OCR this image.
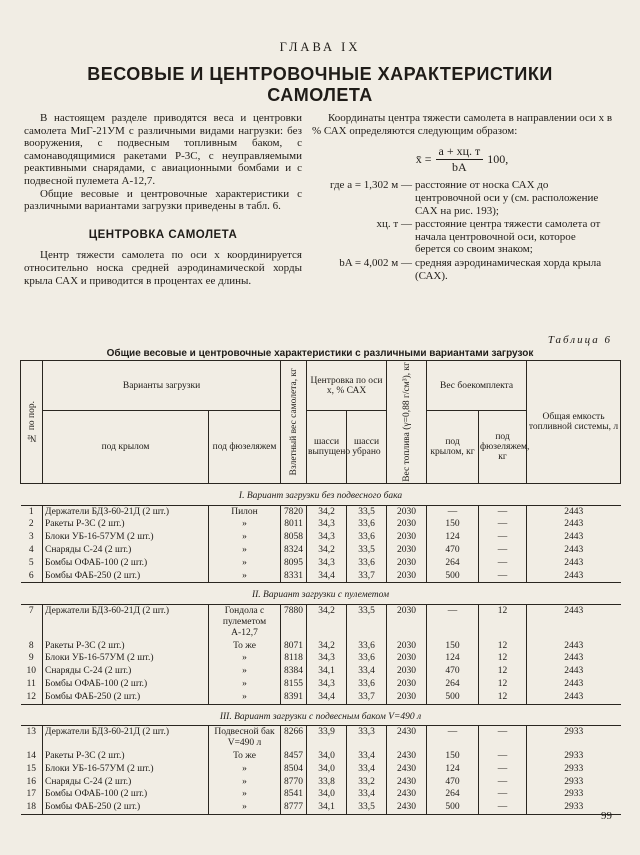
ГЛАВА IX
ВЕСОВЫЕ И ЦЕНТРОВОЧНЫЕ ХАРАКТЕРИСТИКИ
САМОЛЕТА

В настоящем разделе приводятся веса и центровки самолета МиГ-21УМ с различными видами нагрузки: без вооружения, с подвесным топливным баком, с самонаводящимися ракетами Р-3С, с неуправляемыми реактивными снарядами, с авиационными бомбами и с подвесной пулемета А-12,7.

Общие весовые и центровочные характеристики с различными вариантами загрузки приведены в табл. 6.

ЦЕНТРОВКА САМОЛЕТА

Центр тяжести самолета по оси x координируется относительно носка средней аэродинамической хорды крыла САХ и приводится в процентах ее длины.

Координаты центра тяжести самолета в направлении оси x в % САХ определяются следующим образом:

x̄ = $\frac{a + xц. т}{bA} 100$,
где a = 1,302 м — расстояние от носка САХ до центровочной оси y (см. расположение САХ на рис. 193);
xц. т — расстояние центра тяжести самолета от начала центровочной оси, которое берется со своим знаком;
bA = 4,002 м — средняя аэродинамическая хорда крыла (САХ).
Таблица 6
Общие весовые и центровочные характеристики с различными вариантами загрузок
№ по пор.	Варианты загрузки		Взлетный вес самолета, кг	Центровка по оси x, % САХ		Вес топлива (γ=0,88 г/см³), кг	Вес боекомплекта		Общая емкость топливной системы, л
	под крылом	под фюзеляжем		шасси выпущено	шасси убрано		под крылом, кг	под фюзеляжем, кг	
I. Вариант загрузки без подвесного бака									
1	Держатели БДЗ-60-21Д (2 шт.)	Пилон	7820	34,2	33,5	2030	—	—	2443
2	Ракеты Р-3С (2 шт.)	»	8011	34,3	33,6	2030	150	—	2443
3	Блоки УБ-16-57УМ (2 шт.)	»	8058	34,3	33,6	2030	124	—	2443
4	Снаряды С-24 (2 шт.)	»	8324	34,2	33,5	2030	470	—	2443
5	Бомбы ОФАБ-100 (2 шт.)	»	8095	34,3	33,6	2030	264	—	2443
6	Бомбы ФАБ-250 (2 шт.)	»	8331	34,4	33,7	2030	500	—	2443
II. Вариант загрузки с пулеметом									
7	Держатели БДЗ-60-21Д (2 шт.)	Гондола с пулеметом А-12,7	7880	34,2	33,5	2030	—	12	2443
8	Ракеты Р-3С (2 шт.)	То же	8071	34,2	33,6	2030	150	12	2443
9	Блоки УБ-16-57УМ (2 шт.)	»	8118	34,3	33,6	2030	124	12	2443
10	Снаряды С-24 (2 шт.)	»	8384	34,1	33,4	2030	470	12	2443
11	Бомбы ОФАБ-100 (2 шт.)	»	8155	34,3	33,6	2030	264	12	2443
12	Бомбы ФАБ-250 (2 шт.)	»	8391	34,4	33,7	2030	500	12	2443
III. Вариант загрузки с подвесным баком V=490 л									
13	Держатели БДЗ-60-21Д (2 шт.)	Подвесной бак V=490 л	8266	33,9	33,3	2430	—	—	2933
14	Ракеты Р-3С (2 шт.)	То же	8457	34,0	33,4	2430	150	—	2933
15	Блоки УБ-16-57УМ (2 шт.)	»	8504	34,0	33,4	2430	124	—	2933
16	Снаряды С-24 (2 шт.)	»	8770	33,8	33,2	2430	470	—	2933
17	Бомбы ОФАБ-100 (2 шт.)	»	8541	34,0	33,4	2430	264	—	2933
18	Бомбы ФАБ-250 (2 шт.)	»	8777	34,1	33,5	2430	500	—	2933
99
